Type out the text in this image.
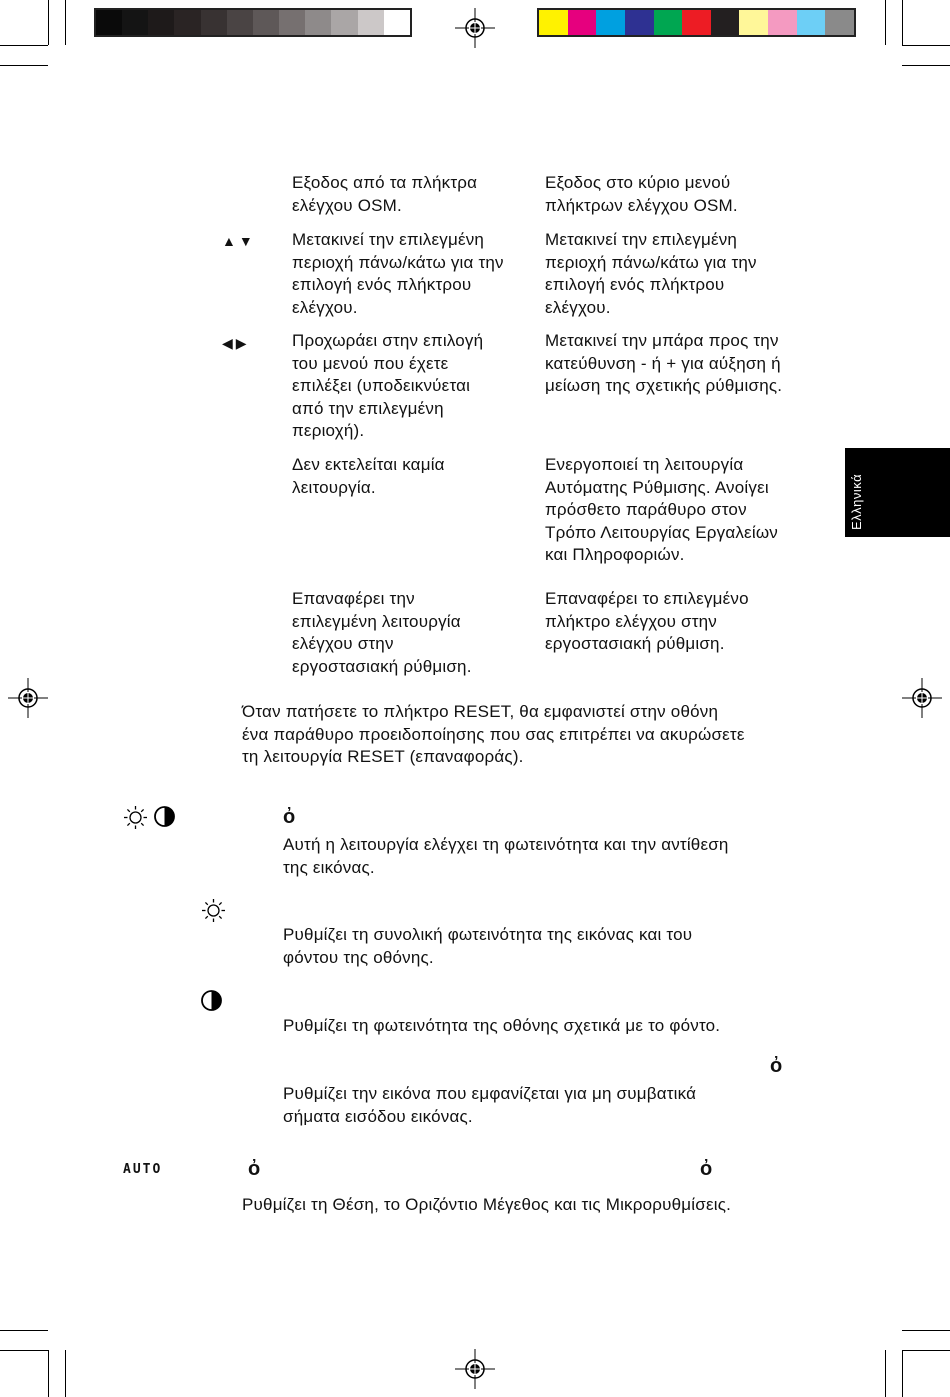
Ελληνικά
Εξοδος από τα πλήκτρα
ελέγχου OSM.
Εξοδος στο κύριο μενού
πλήκτρων ελέγχου OSM.
Μετακινεί την επιλεγμένη
περιοχή πάνω/κάτω για την
επιλογή ενός πλήκτρου
ελέγχου.
Μετακινεί την επιλεγμένη
περιοχή πάνω/κάτω για την
επιλογή ενός πλήκτρου
ελέγχου.
Προχωράει στην επιλογή
του μενού που έχετε
επιλέξει (υποδεικνύεται
από την επιλεγμένη
περιοχή).
Μετακινεί την μπάρα προς την
κατεύθυνση - ή + για αύξηση ή
μείωση της σχετικής ρύθμισης.
Δεν εκτελείται καμία
λειτουργία.
Ενεργοποιεί τη λειτουργία
Αυτόματης Ρύθμισης. Ανοίγει
πρόσθετο παράθυρο στον
Τρόπο Λειτουργίας Εργαλείων
και Πληροφοριών.
Επαναφέρει την
επιλεγμένη λειτουργία
ελέγχου στην
εργοστασιακή ρύθμιση.
Επαναφέρει το επιλεγμένο
πλήκτρο ελέγχου στην
εργοστασιακή ρύθμιση.
▲▼
◀▶
Όταν πατήσετε το πλήκτρο RESET, θα εμφανιστεί στην οθόνη
ένα παράθυρο προειδοποίησης που σας επιτρέπει να ακυρώσετε
τη λειτουργία RESET (επαναφοράς).
ὀ
Αυτή η λειτουργία ελέγχει τη φωτεινότητα και την αντίθεση
της εικόνας.
Ρυθμίζει τη συνολική φωτεινότητα της εικόνας και του
φόντου της οθόνης.
Ρυθμίζει τη φωτεινότητα της οθόνης σχετικά με το φόντο.
ὀ
Ρυθμίζει την εικόνα που εμφανίζεται για μη συμβατικά
σήματα εισόδου εικόνας.
AUTO	ὀ	ὀ
Ρυθμίζει τη Θέση, το Οριζόντιο Μέγεθος και τις Μικρορυθμίσεις.
